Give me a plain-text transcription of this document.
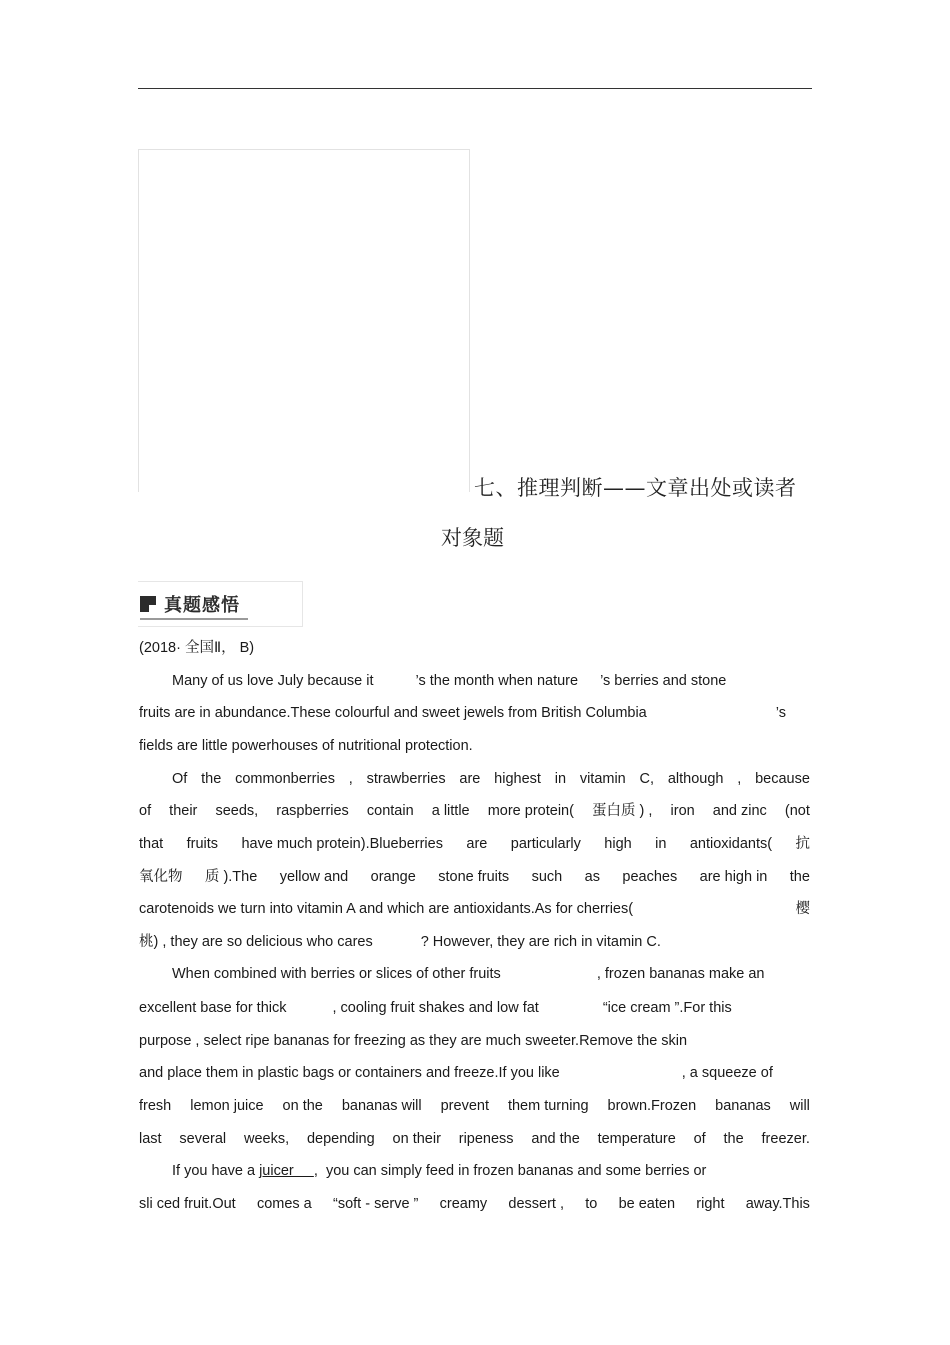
七、推理判断——文章出处或读者
对象题
真题感悟
(2018· 全国Ⅱ， B)
Many of us love July because it	’s the month when nature ’s berries and stone
fruits are in abundance.These colourful and sweet jewels from British Columbia	’s
fields are little powerhouses of nutritional protection.
Of the commonberries , strawberries are highest in vitamin C, although , because
of their seeds, raspberries contain a little more protein( 蛋白质 ) , iron and zinc (not
that fruits have much protein).Blueberries are particularly high in antioxidants( 抗
氧化物 质 ).The yellow and orange stone fruits such as peaches are high in the
carotenoids we turn into vitamin A and which are antioxidants.As for cherries(	樱
桃) , they are so delicious who cares	? However, they are rich in vitamin C.
When combined with berries or slices of other fruits	, frozen bananas make an
excellent base for thick	, cooling fruit shakes and low fat	“ice cream ”.For this
purpose , select ripe bananas for freezing as they are much sweeter.Remove the skin
and place them in plastic bags or containers and freeze.If you like	, a squeeze of
fresh lemon juice on the bananas will prevent them turning brown.Frozen bananas will
last several weeks, depending on their ripeness and the temperature of the freezer.
If you have a juicer     ,  you can simply feed in frozen bananas and some berries or
sli ced fruit.Out comes a “soft - serve ” creamy dessert , to be eaten right away.This
